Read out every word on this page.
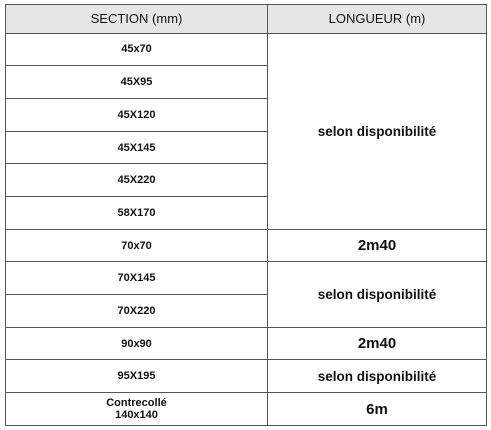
SECTION (mm)	LONGUEUR (m)
45x70	selon disponibilité
45X95	
45X120	
45X145	
45X220	
58X170	
70x70	2m40
70X145	selon disponibilité
70X220	
90x90	2m40
95X195	selon disponibilité

Contrecollé
140x140	6m
